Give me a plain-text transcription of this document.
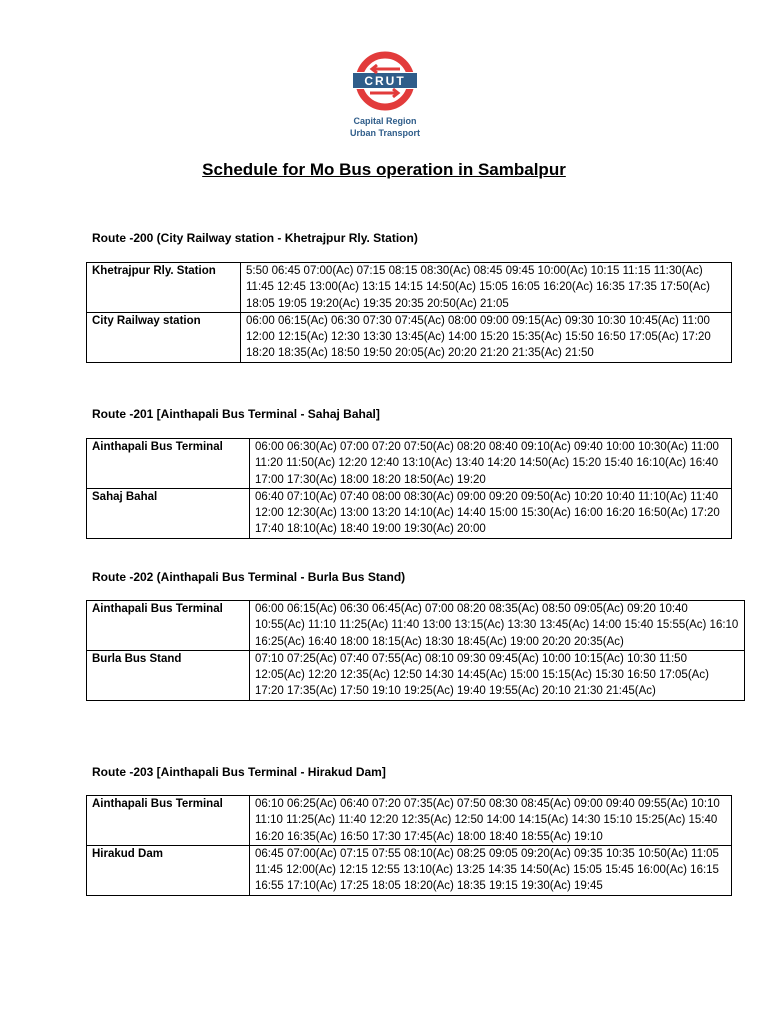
CRUT
Capital Region
Urban Transport
Schedule for Mo Bus operation in Sambalpur

Route -200 (City Railway station - Khetrajpur Rly. Station)

Khetrajpur Rly. Station	5:50 06:45 07:00(Ac) 07:15 08:15 08:30(Ac) 08:45 09:45 10:00(Ac) 10:15 11:15 11:30(Ac) 11:45 12:45 13:00(Ac) 13:15 14:15 14:50(Ac) 15:05 16:05 16:20(Ac) 16:35 17:35 17:50(Ac) 18:05 19:05 19:20(Ac) 19:35 20:35 20:50(Ac) 21:05
City Railway station	06:00 06:15(Ac) 06:30 07:30 07:45(Ac) 08:00 09:00 09:15(Ac) 09:30 10:30 10:45(Ac) 11:00 12:00 12:15(Ac) 12:30 13:30 13:45(Ac) 14:00 15:20 15:35(Ac) 15:50 16:50 17:05(Ac) 17:20 18:20 18:35(Ac) 18:50 19:50 20:05(Ac) 20:20 21:20 21:35(Ac) 21:50

Route -201 [Ainthapali Bus Terminal - Sahaj Bahal]

Ainthapali Bus Terminal	06:00 06:30(Ac) 07:00 07:20 07:50(Ac) 08:20 08:40 09:10(Ac) 09:40 10:00 10:30(Ac) 11:00 11:20 11:50(Ac) 12:20 12:40 13:10(Ac) 13:40 14:20 14:50(Ac) 15:20 15:40 16:10(Ac) 16:40 17:00 17:30(Ac) 18:00 18:20 18:50(Ac) 19:20
Sahaj Bahal	06:40 07:10(Ac) 07:40 08:00 08:30(Ac) 09:00 09:20 09:50(Ac) 10:20 10:40 11:10(Ac) 11:40 12:00 12:30(Ac) 13:00 13:20 14:10(Ac) 14:40 15:00 15:30(Ac) 16:00 16:20 16:50(Ac) 17:20 17:40 18:10(Ac) 18:40 19:00 19:30(Ac) 20:00

Route -202 (Ainthapali Bus Terminal - Burla Bus Stand)

Ainthapali Bus Terminal	06:00 06:15(Ac) 06:30 06:45(Ac) 07:00 08:20 08:35(Ac) 08:50 09:05(Ac) 09:20 10:40 10:55(Ac) 11:10 11:25(Ac) 11:40 13:00 13:15(Ac) 13:30 13:45(Ac) 14:00 15:40 15:55(Ac) 16:10 16:25(Ac) 16:40 18:00 18:15(Ac) 18:30 18:45(Ac) 19:00 20:20 20:35(Ac)
Burla Bus Stand	07:10 07:25(Ac) 07:40 07:55(Ac) 08:10 09:30 09:45(Ac) 10:00 10:15(Ac) 10:30 11:50 12:05(Ac) 12:20 12:35(Ac) 12:50 14:30 14:45(Ac) 15:00 15:15(Ac) 15:30 16:50 17:05(Ac) 17:20 17:35(Ac) 17:50 19:10 19:25(Ac) 19:40 19:55(Ac) 20:10 21:30 21:45(Ac)

Route -203 [Ainthapali Bus Terminal - Hirakud Dam]

Ainthapali Bus Terminal	06:10 06:25(Ac) 06:40 07:20 07:35(Ac) 07:50 08:30 08:45(Ac) 09:00 09:40 09:55(Ac) 10:10 11:10 11:25(Ac) 11:40 12:20 12:35(Ac) 12:50 14:00 14:15(Ac) 14:30 15:10 15:25(Ac) 15:40 16:20 16:35(Ac) 16:50 17:30 17:45(Ac) 18:00 18:40 18:55(Ac) 19:10
Hirakud Dam	06:45 07:00(Ac) 07:15 07:55 08:10(Ac) 08:25 09:05 09:20(Ac) 09:35 10:35 10:50(Ac) 11:05 11:45 12:00(Ac) 12:15 12:55 13:10(Ac) 13:25 14:35 14:50(Ac) 15:05 15:45 16:00(Ac) 16:15 16:55 17:10(Ac) 17:25 18:05 18:20(Ac) 18:35 19:15 19:30(Ac) 19:45
